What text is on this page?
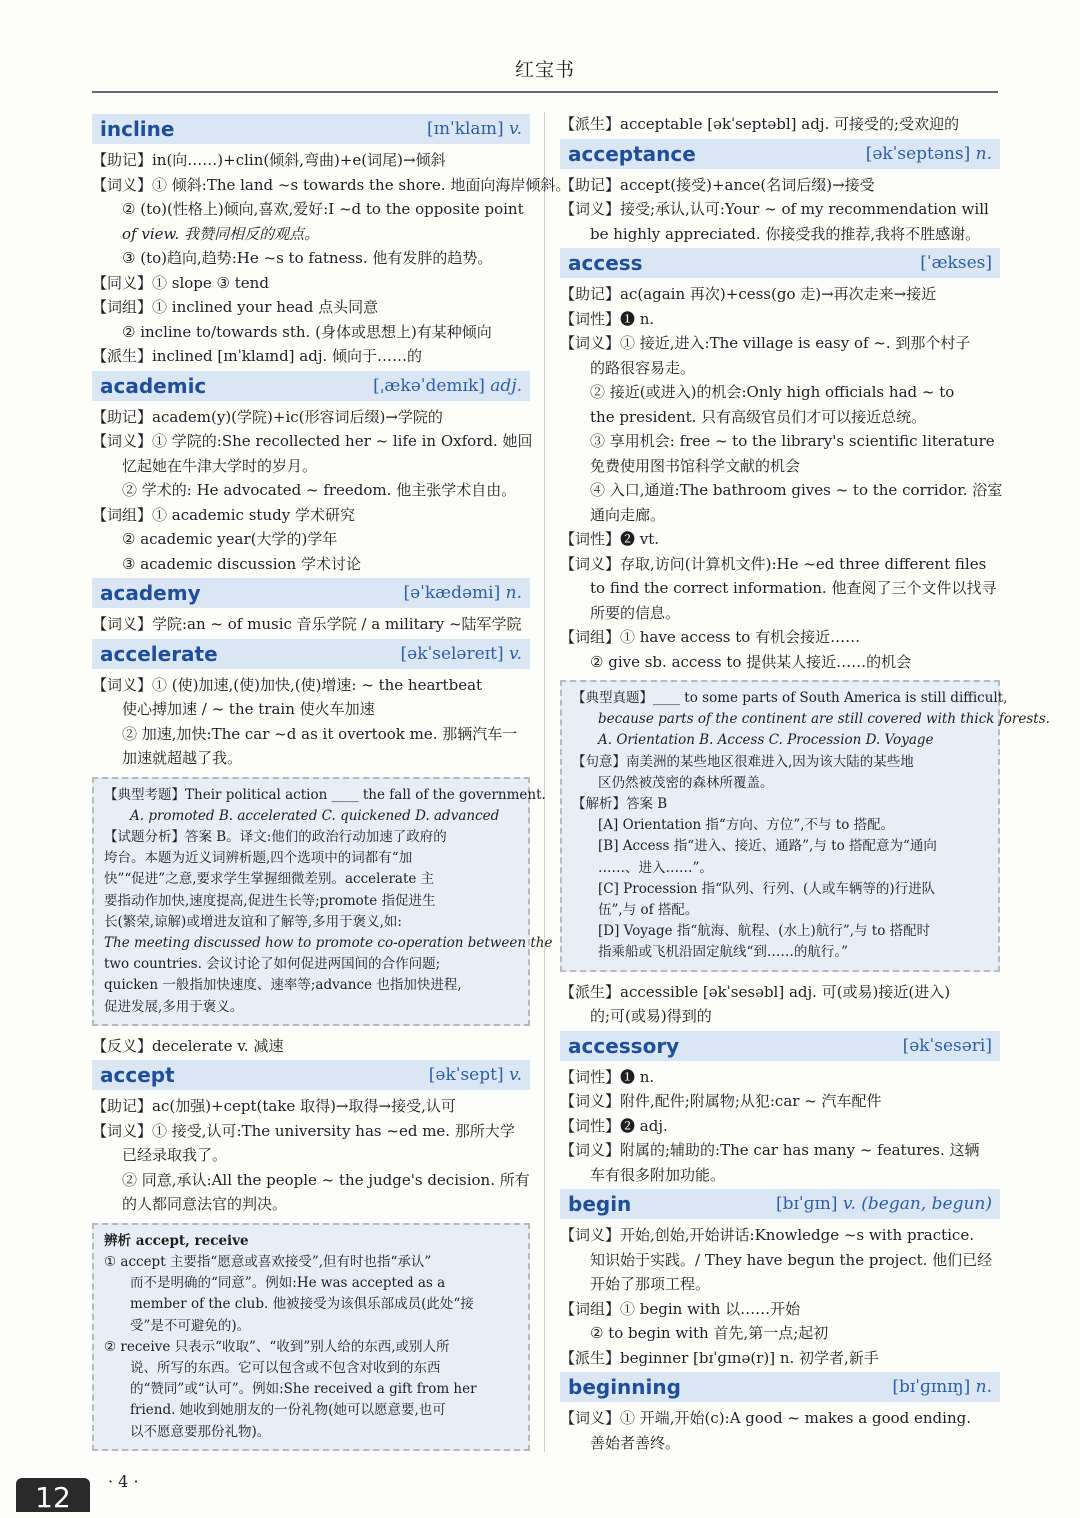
红宝书
incline	[ɪnˈklaɪn] v.
【助记】in(向……)+clin(倾斜,弯曲)+e(词尾)→倾斜
【词义】① 倾斜:The land ~s towards the shore. 地面向海岸倾斜。
② (to)(性格上)倾向,喜欢,爱好:I ~d to the opposite point
of view. 我赞同相反的观点。
③ (to)趋向,趋势:He ~s to fatness. 他有发胖的趋势。
【同义】① slope ③ tend
【词组】① inclined your head 点头同意
② incline to/towards sth. (身体或思想上)有某种倾向
【派生】inclined [ɪnˈklaɪnd] adj. 倾向于……的
academic	[ˌækəˈdemɪk] adj.
【助记】academ(y)(学院)+ic(形容词后缀)→学院的
【词义】① 学院的:She recollected her ~ life in Oxford. 她回
忆起她在牛津大学时的岁月。
② 学术的: He advocated ~ freedom. 他主张学术自由。
【词组】① academic study 学术研究
② academic year(大学的)学年
③ academic discussion 学术讨论
academy	[əˈkædəmi] n.
【词义】学院:an ~ of music 音乐学院 / a military ~陆军学院
accelerate	[əkˈseləreɪt] v.
【词义】① (使)加速,(使)加快,(使)增速: ~ the heartbeat
使心搏加速 / ~ the train 使火车加速
② 加速,加快:The car ~d as it overtook me. 那辆汽车一
加速就超越了我。
【典型考题】Their political action ____ the fall of the government.
A. promoted B. accelerated C. quickened D. advanced
【试题分析】答案 B。译文:他们的政治行动加速了政府的
垮台。本题为近义词辨析题,四个选项中的词都有“加
快”“促进”之意,要求学生掌握细微差别。accelerate 主
要指动作加快,速度提高,促进生长等;promote 指促进生
长(繁荣,谅解)或增进友谊和了解等,多用于褒义,如:
The meeting discussed how to promote co-operation between the
two countries. 会议讨论了如何促进两国间的合作问题;
quicken 一般指加快速度、速率等;advance 也指加快进程,
促进发展,多用于褒义。
【反义】decelerate v. 减速
accept	[əkˈsept] v.
【助记】ac(加强)+cept(take 取得)→取得→接受,认可
【词义】① 接受,认可:The university has ~ed me. 那所大学
已经录取我了。
② 同意,承认:All the people ~ the judge's decision. 所有
的人都同意法官的判决。
辨析 accept, receive
① accept 主要指“愿意或喜欢接受”,但有时也指“承认”
而不是明确的“同意”。例如:He was accepted as a
member of the club. 他被接受为该俱乐部成员(此处“接
受”是不可避免的)。
② receive 只表示“收取”、“收到”别人给的东西,或别人所
说、所写的东西。它可以包含或不包含对收到的东西
的“赞同”或“认可”。例如:She received a gift from her
friend. 她收到她朋友的一份礼物(她可以愿意要,也可
以不愿意要那份礼物)。
【派生】acceptable [əkˈseptəbl] adj. 可接受的;受欢迎的
acceptance	[əkˈseptəns] n.
【助记】accept(接受)+ance(名词后缀)→接受
【词义】接受;承认,认可:Your ~ of my recommendation will
be highly appreciated. 你接受我的推荐,我将不胜感谢。
access	[ˈækses]
【助记】ac(again 再次)+cess(go 走)→再次走来→接近
【词性】❶ n.
【词义】① 接近,进入:The village is easy of ~. 到那个村子
的路很容易走。
② 接近(或进入)的机会:Only high officials had ~ to
the president. 只有高级官员们才可以接近总统。
③ 享用机会: free ~ to the library's scientific literature
免费使用图书馆科学文献的机会
④ 入口,通道:The bathroom gives ~ to the corridor. 浴室
通向走廊。
【词性】❷ vt.
【词义】存取,访问(计算机文件):He ~ed three different files
to find the correct information. 他查阅了三个文件以找寻
所要的信息。
【词组】① have access to 有机会接近……
② give sb. access to 提供某人接近……的机会
【典型真题】____ to some parts of South America is still difficult,
because parts of the continent are still covered with thick forests.
A. Orientation B. Access C. Procession D. Voyage
【句意】南美洲的某些地区很难进入,因为该大陆的某些地
区仍然被茂密的森林所覆盖。
【解析】答案 B
[A] Orientation 指“方向、方位”,不与 to 搭配。
[B] Access 指“进入、接近、通路”,与 to 搭配意为“通向
……、进入……”。
[C] Procession 指“队列、行列、(人或车辆等的)行进队
伍”,与 of 搭配。
[D] Voyage 指“航海、航程、(水上)航行”,与 to 搭配时
指乘船或飞机沿固定航线“到……的航行。”
【派生】accessible [əkˈsesəbl] adj. 可(或易)接近(进入)
的;可(或易)得到的
accessory	[əkˈsesəri]
【词性】❶ n.
【词义】附件,配件;附属物;从犯:car ~ 汽车配件
【词性】❷ adj.
【词义】附属的;辅助的:The car has many ~ features. 这辆
车有很多附加功能。
begin	[bɪˈɡɪn] v. (began, begun)
【词义】开始,创始,开始讲话:Knowledge ~s with practice.
知识始于实践。/ They have begun the project. 他们已经
开始了那项工程。
【词组】① begin with 以……开始
② to begin with 首先,第一点;起初
【派生】beginner [bɪˈɡɪnə(r)] n. 初学者,新手
beginning	[bɪˈɡɪnɪŋ] n.
【词义】① 开端,开始(c):A good ~ makes a good ending.
善始者善终。
12	· 4 ·
